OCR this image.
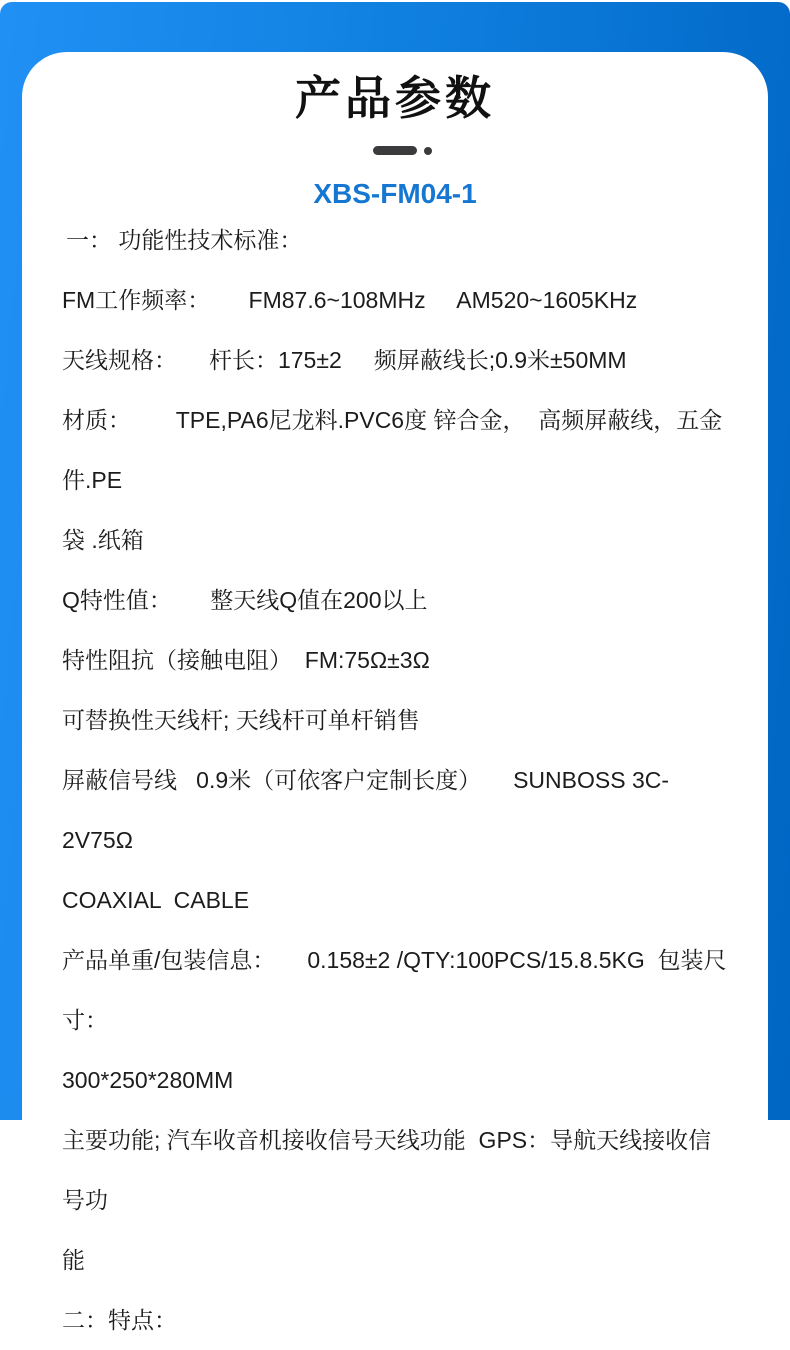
产品参数
XBS-FM04-1
一： 功能性技术标准：
FM工作频率：      FM87.6~108MHz     AM520~1605KHz
天线规格：     杆长：175±2     频屏蔽线长;0.9米±50MM
材质：       TPE,PA6尼龙料.PVC6度 锌合金，  高频屏蔽线，五金件.PE
袋 .纸箱
Q特性值：      整天线Q值在200以上
特性阻抗（接触电阻）  FM:75Ω±3Ω
可替换性天线杆; 天线杆可单杆销售
屏蔽信号线   0.9米（可依客户定制长度）     SUNBOSS 3C-2V75Ω
COAXIAL  CABLE
产品单重/包装信息：     0.158±2 /QTY:100PCS/15.8.5KG  包装尺寸：
300*250*280MM
主要功能; 汽车收音机接收信号天线功能  GPS：导航天线接收信号功
能
二：特点：
